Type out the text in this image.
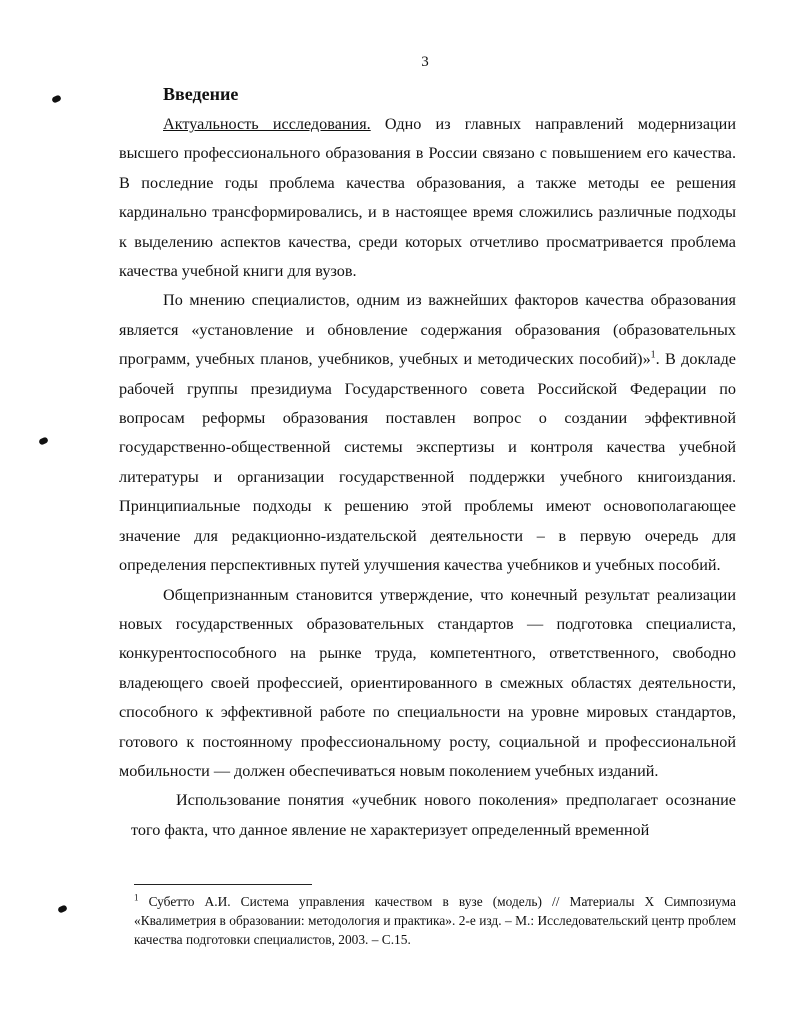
3
Введение

Актуальность исследования. Одно из главных направлений модернизации высшего профессионального образования в России связано с повышением его качества. В последние годы проблема качества образования, а также методы ее решения кардинально трансформировались, и в настоящее время сложились различные подходы к выделению аспектов качества, среди которых отчетливо просматривается проблема качества учебной книги для вузов.

По мнению специалистов, одним из важнейших факторов качества образования является «установление и обновление содержания образования (образовательных программ, учебных планов, учебников, учебных и методических пособий)»$^1$. В докладе рабочей группы президиума Государственного совета Российской Федерации по вопросам реформы образования поставлен вопрос о создании эффективной государственно-общественной системы экспертизы и контроля качества учебной литературы и организации государственной поддержки учебного книгоиздания. Принципиальные подходы к решению этой проблемы имеют основополагающее значение для редакционно-издательской деятельности – в первую очередь для определения перспективных путей улучшения качества учебников и учебных пособий.

Общепризнанным становится утверждение, что конечный результат реализации новых государственных образовательных стандартов — подготовка специалиста, конкурентоспособного на рынке труда, компетентного, ответственного, свободно владеющего своей профессией, ориентированного в смежных областях деятельности, способного к эффективной работе по специальности на уровне мировых стандартов, готового к постоянному профессиональному росту, социальной и профессиональной мобильности — должен обеспечиваться новым поколением учебных изданий.

Использование понятия «учебник нового поколения» предполагает осознание того факта, что данное явление не характеризует определенный временной

$^1$ Субетто А.И. Система управления качеством в вузе (модель) // Материалы X Симпозиума «Квалиметрия в образовании: методология и практика». 2-е изд. – М.: Исследовательский центр проблем качества подготовки специалистов, 2003. – С.15.
